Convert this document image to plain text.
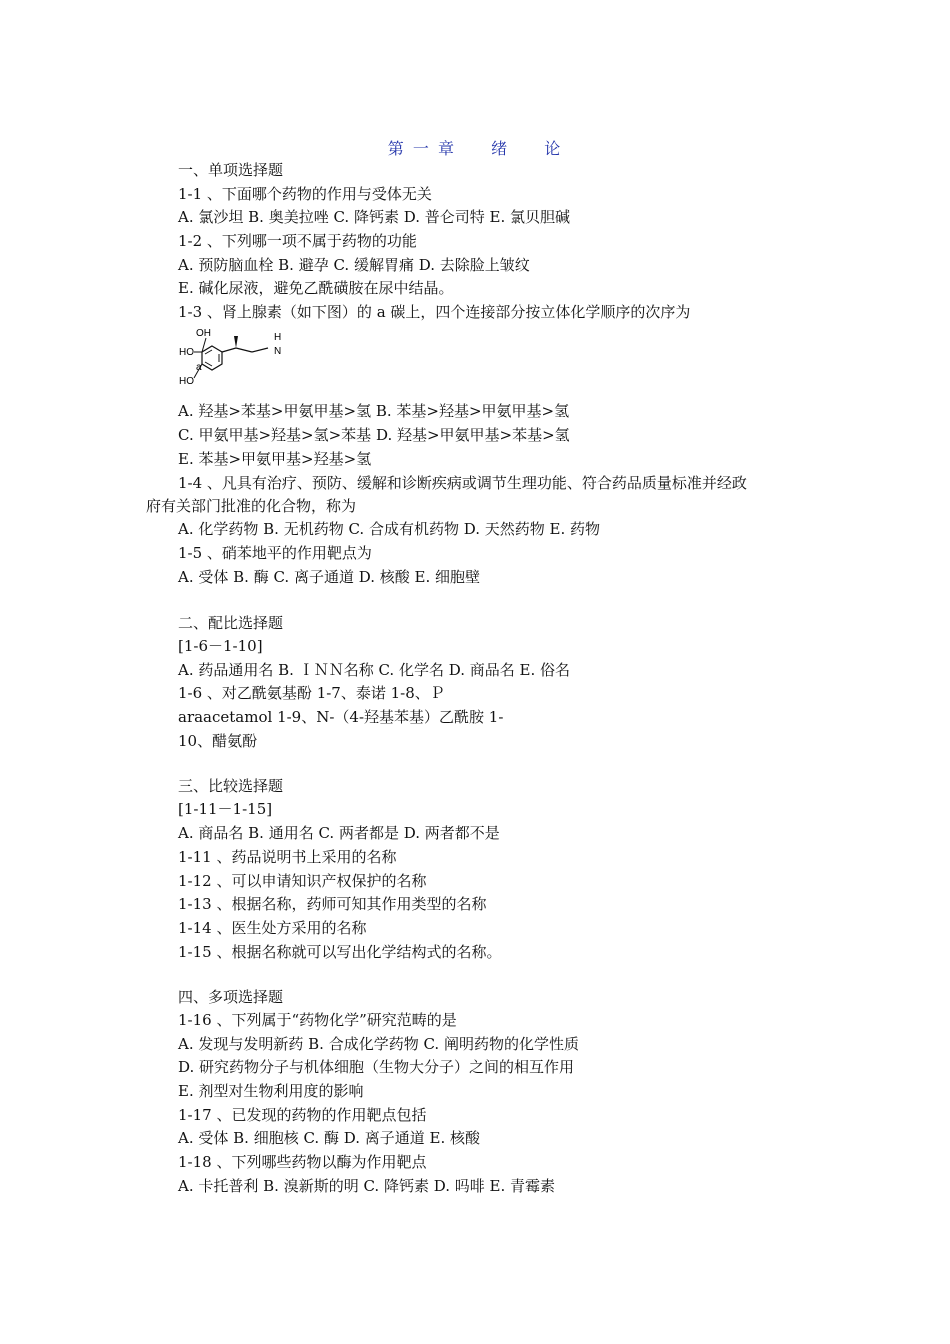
第 一 章 绪 论
一、单项选择题
1-1 、下面哪个药物的作用与受体无关
A. 氯沙坦 B. 奥美拉唑 C. 降钙素 D. 普仑司特 E. 氯贝胆碱
1-2 、下列哪一项不属于药物的功能
A. 预防脑血栓 B. 避孕 C. 缓解胃痛 D. 去除脸上皱纹
E. 碱化尿液，避免乙酰磺胺在尿中结晶。
1-3 、肾上腺素（如下图）的 a 碳上，四个连接部分按立体化学顺序的次序为
A. 羟基>苯基>甲氨甲基>氢 B. 苯基>羟基>甲氨甲基>氢
C. 甲氨甲基>羟基>氢>苯基 D. 羟基>甲氨甲基>苯基>氢
E. 苯基>甲氨甲基>羟基>氢
1-4 、凡具有治疗、预防、缓解和诊断疾病或调节生理功能、符合药品质量标准并经政
府有关部门批准的化合物，称为
A. 化学药物 B. 无机药物 C. 合成有机药物 D. 天然药物 E. 药物
1-5 、硝苯地平的作用靶点为
A. 受体 B. 酶 C. 离子通道 D. 核酸 E. 细胞壁
二、配比选择题
[1-6－1-10]
A. 药品通用名 B. ＩＮＮ名称 C. 化学名 D. 商品名 E. 俗名
1-6 、对乙酰氨基酚 1-7、泰诺 1-8、Ｐ
araacetamol 1-9、N-（4-羟基苯基）乙酰胺 1-
10、醋氨酚
三、比较选择题
[1-11－1-15]
A. 商品名 B. 通用名 C. 两者都是 D. 两者都不是
1-11 、药品说明书上采用的名称
1-12 、可以申请知识产权保护的名称
1-13 、根据名称，药师可知其作用类型的名称
1-14 、医生处方采用的名称
1-15 、根据名称就可以写出化学结构式的名称。
四、多项选择题
1-16 、下列属于“药物化学”研究范畴的是
A. 发现与发明新药 B. 合成化学药物 C. 阐明药物的化学性质
D. 研究药物分子与机体细胞（生物大分子）之间的相互作用
E. 剂型对生物利用度的影响
1-17 、已发现的药物的作用靶点包括
A. 受体 B. 细胞核 C. 酶 D. 离子通道 E. 核酸
1-18 、下列哪些药物以酶为作用靶点
A. 卡托普利 B. 溴新斯的明 C. 降钙素 D. 吗啡 E. 青霉素
OH
HO
a
HO
H
N
